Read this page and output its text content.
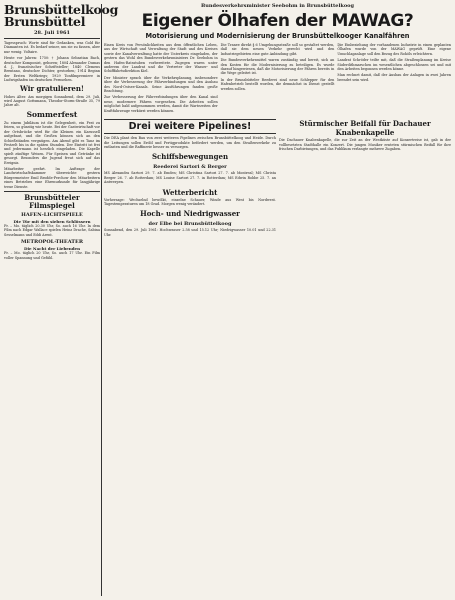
Brunsbüttelkoog
Brunsbüttel
28. Juli 1961
Tagesspruch: Worte sind für Gedanken, was Gold für Diamanten ist. Es bedarf seiner, um sie zu fassen, aber nur wenig. Voltaire.
Heute vor Jahren: 1750: † Johann Sebastian Bach, deutscher Komponist, geboren; 1804 Alexander Dumas d. J., französischer Schriftsteller; 1840 Clemens Brentano, deutscher Dichter, gestorben; 1914 Beginn der Ersten Weltkriegs; 1929 Tonfilmpremiere in Ludwigshafen im deutschen Fernsehen.
Wir gratulieren!
Hohes Alter. Am morgigen Sonnabend, dem 29. Juli, wird August Gottsmann, Theodor-Storm-Straße 35, 79 Jahre alt.
Sommerfest
Zu einem Jubiläum ist die Gelegenheit, ein Fest zu feiern, so günstig wie heute. Bei der Gastwirtschaft vor der Ortsbrücke wird für die Kleinen ein Karussell aufgebaut, und die Großen können sich an den Schießständen vergnügen. Am Abend gibt es Tanz im Festzelt bis in die späten Stunden. Der Eintritt ist frei und jedermann ist herzlich eingeladen. Die Kapelle spielt zünftige Weisen. Für Speisen und Getränke ist gesorgt. Besonders die Jugend freut sich auf das Ereignis.
Mitarbeiter geehrt. Im Auftrage der Landwirtschaftskammer überreichte gestern Bürgermeister Emil Brodde-Ferchow den Mitarbeitern eines Betriebes eine Ehrenurkunde für langjährige treue Dienste.
Brunsbütteler Filmspiegel
HAFEN-LICHTSPIELE
Die Tür mit den sieben Schlössern
Fr. – Mo. täglich 20.30 Uhr, So. auch 16 Uhr. In dem Film nach Edgar Wallace spielen Heinz Drache, Sabina Sesselmann und Eddi Arent.
METROPOL-THEATER
Die Nacht der Liebenden
Fr. – Mo. täglich 20 Uhr, So. auch 17 Uhr. Ein Film voller Spannung und Gefühl.
Bundesverkehrsminister Seebohm in Brunsbüttelkoog
Eigener Ölhafen der MAWAG?
Motorisierung und Modernisierung der Brunsbüttelkooger Kanalfähren
Einen Kreis von Persönlichkeiten aus dem öffentlichen Leben, aus der Wirtschaft und Verwaltung der Stadt und des Kreises sowie der Kanalverwaltung hatte der Unterkreis eingeladen, der gestern das Wohl des Bundesverkehrsministers Dr. Seebohm in den Hafen-Ratsstuben vorbereitete. Zugegen waren unter anderem der Landrat und die Vertreter der Wasser- und Schifffahrtsdirektion Kiel.
Der Minister sprach über die Verkehrsplanung, insbesondere über die Verbesserung der Fährverbindungen und den Ausbau des Nord-Ostsee-Kanals. Seine Ausführungen fanden große Beachtung.
Zur Verbesserung der Fährverbindungen über den Kanal sind neue, modernere Fähren vorgesehen. Die Arbeiten sollen möglichst bald aufgenommen werden, damit die Wartezeiten der Kraftfahrzeuge verkürzt werden können.
Die Tranee direkt § 6 Umgehungsstraße soll so gestaltet werden, daß sie dem neuen Verkehr gerecht wird und den Industriegebieten eine gute Anbindung gibt.
Die Bundesverkehrsmittel waren zuständig und bereit, sich an den Kosten für die Modernisierung zu beteiligen. Es wurde darauf hingewiesen, daß die Motorisierung der Fähren bereits in die Wege geleitet ist.
In der Brunsbütteler Reederei sind neue Schlepper für den Hafenbetrieb bestellt worden, die demnächst in Dienst gestellt werden sollen.
Die Einbeziehung der vorhandenen Industrie in einen geplanten Ölhafen wurde von der MAWAG geprüft. Eine eigene Umschlaganlage soll den Bezug des Rohöls erleichtern.
Landrat Schröder teilte mit, daß die Straßenplanung im Kreise Süderdithmarschen im wesentlichen abgeschlossen sei und mit den Arbeiten begonnen werden könne.
Man rechnet damit, daß der Ausbau der Anlagen in zwei Jahren beendet sein wird.
Drei weitere Pipelines!
Die DEA plant den Bau von zwei weiteren Pipelines zwischen Brunsbüttelkoog und Heide. Durch die Leitungen sollen Erdöl und Fertigprodukte befördert werden, um den Straßenverkehr zu entlasten und die Raffinerie besser zu versorgen.
Schiffsbewegungen
Reederei Sartori & Berger
MS Alexandra Sartori 29. 7. ab Emden; MS Christina Sartori 27. 7. ab Montreal; MS Christa Berger 26. 7. ab Rotterdam; MS Louise Sartori 27. 7. in Rotterdam; MS Edwin Robbe 25. 7. an Antwerpen.
Wetterbericht
Vorhersage: Wechselnd bewölkt, einzelne Schauer, Winde aus West bis Nordwest. Tagestemperaturen um 18 Grad. Morgen wenig verändert.
Hoch- und Niedrigwasser
der Elbe bei Brunsbüttelkoog
Sonnabend, den 29. Juli 1961: Hochwasser 2.58 und 15.12 Uhr; Niedrigwasser 10.01 und 22.31 Uhr.
Stürmischer Beifall für Dachauer Knabenkapelle
Die Dachauer Knabenkapelle, die zur Zeit an der Westküste auf Konzertreise ist, gab in der vollbesetzten Stadthalle ein Konzert. Die jungen Musiker ernteten stürmischen Beifall für ihre frischen Darbietungen, und das Publikum verlangte mehrere Zugaben.
